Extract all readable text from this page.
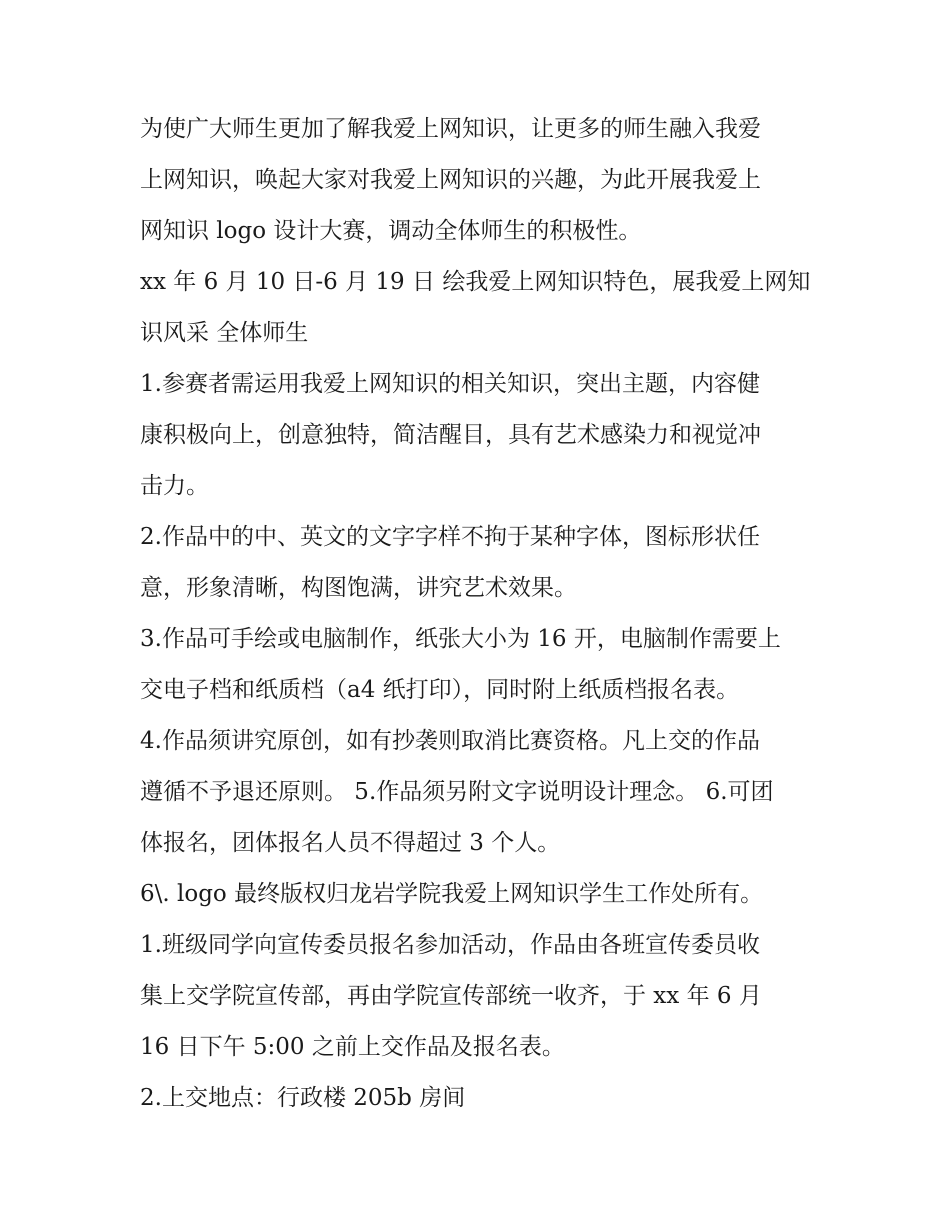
为使广大师生更加了解我爱上网知识，让更多的师生融入我爱
上网知识，唤起大家对我爱上网知识的兴趣，为此开展我爱上
网知识 logo 设计大赛，调动全体师生的积极性。
xx 年 6 月 10 日-6 月 19 日 绘我爱上网知识特色，展我爱上网知
识风采 全体师生
1.参赛者需运用我爱上网知识的相关知识，突出主题，内容健
康积极向上，创意独特，简洁醒目，具有艺术感染力和视觉冲
击力。
2.作品中的中、英文的文字字样不拘于某种字体，图标形状任
意，形象清晰，构图饱满，讲究艺术效果。
3.作品可手绘或电脑制作，纸张大小为 16 开，电脑制作需要上
交电子档和纸质档（a4 纸打印），同时附上纸质档报名表。
4.作品须讲究原创，如有抄袭则取消比赛资格。凡上交的作品
遵循不予退还原则。 5.作品须另附文字说明设计理念。 6.可团
体报名，团体报名人员不得超过 3 个人。
6\. logo 最终版权归龙岩学院我爱上网知识学生工作处所有。
1.班级同学向宣传委员报名参加活动，作品由各班宣传委员收
集上交学院宣传部，再由学院宣传部统一收齐，于 xx 年 6 月
16 日下午 5:00 之前上交作品及报名表。
2.上交地点：行政楼 205b 房间
